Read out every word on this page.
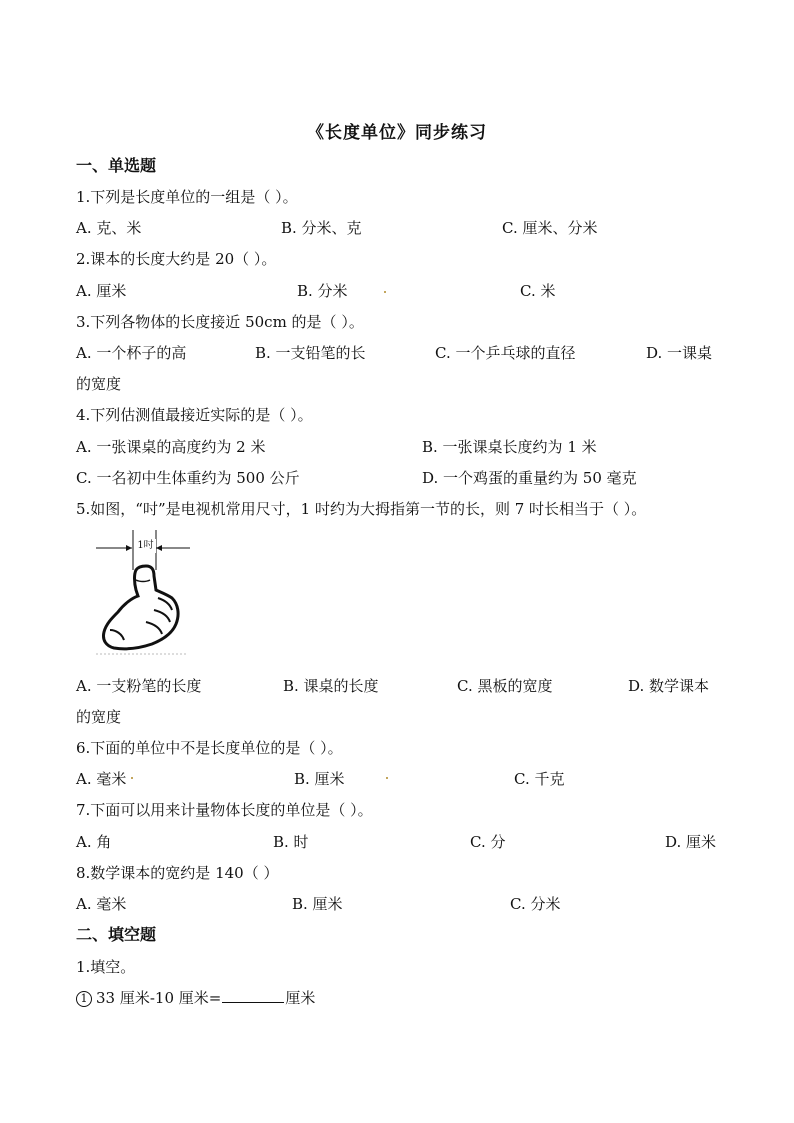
《长度单位》同步练习
一、单选题
1.下列是长度单位的一组是（ ）。
A. 克、米	B. 分米、克	C. 厘米、分米
2.课本的长度大约是 20（ ）。
A. 厘米	B. 分米	C. 米
3.下列各物体的长度接近 50cm 的是（ ）。
A. 一个杯子的高	B. 一支铅笔的长	C. 一个乒乓球的直径	D. 一课桌
的宽度
4.下列估测值最接近实际的是（ ）。
A. 一张课桌的高度约为 2 米	B. 一张课桌长度约为 1 米
C. 一名初中生体重约为 500 公斤	D. 一个鸡蛋的重量约为 50 毫克
5.如图，“吋”是电视机常用尺寸，1 吋约为大拇指第一节的长，则 7 吋长相当于（ ）。
1吋
A. 一支粉笔的长度	B. 课桌的长度	C. 黑板的宽度	D. 数学课本
的宽度
6.下面的单位中不是长度单位的是（ ）。
A. 毫米	B. 厘米	C. 千克
7.下面可以用来计量物体长度的单位是（ ）。
A. 角	B. 时	C. 分	D. 厘米
8.数学课本的宽约是 140（ ）
A. 毫米	B. 厘米	C. 分米
二、填空题
1.填空。
1 33 厘米-10 厘米=	厘米
